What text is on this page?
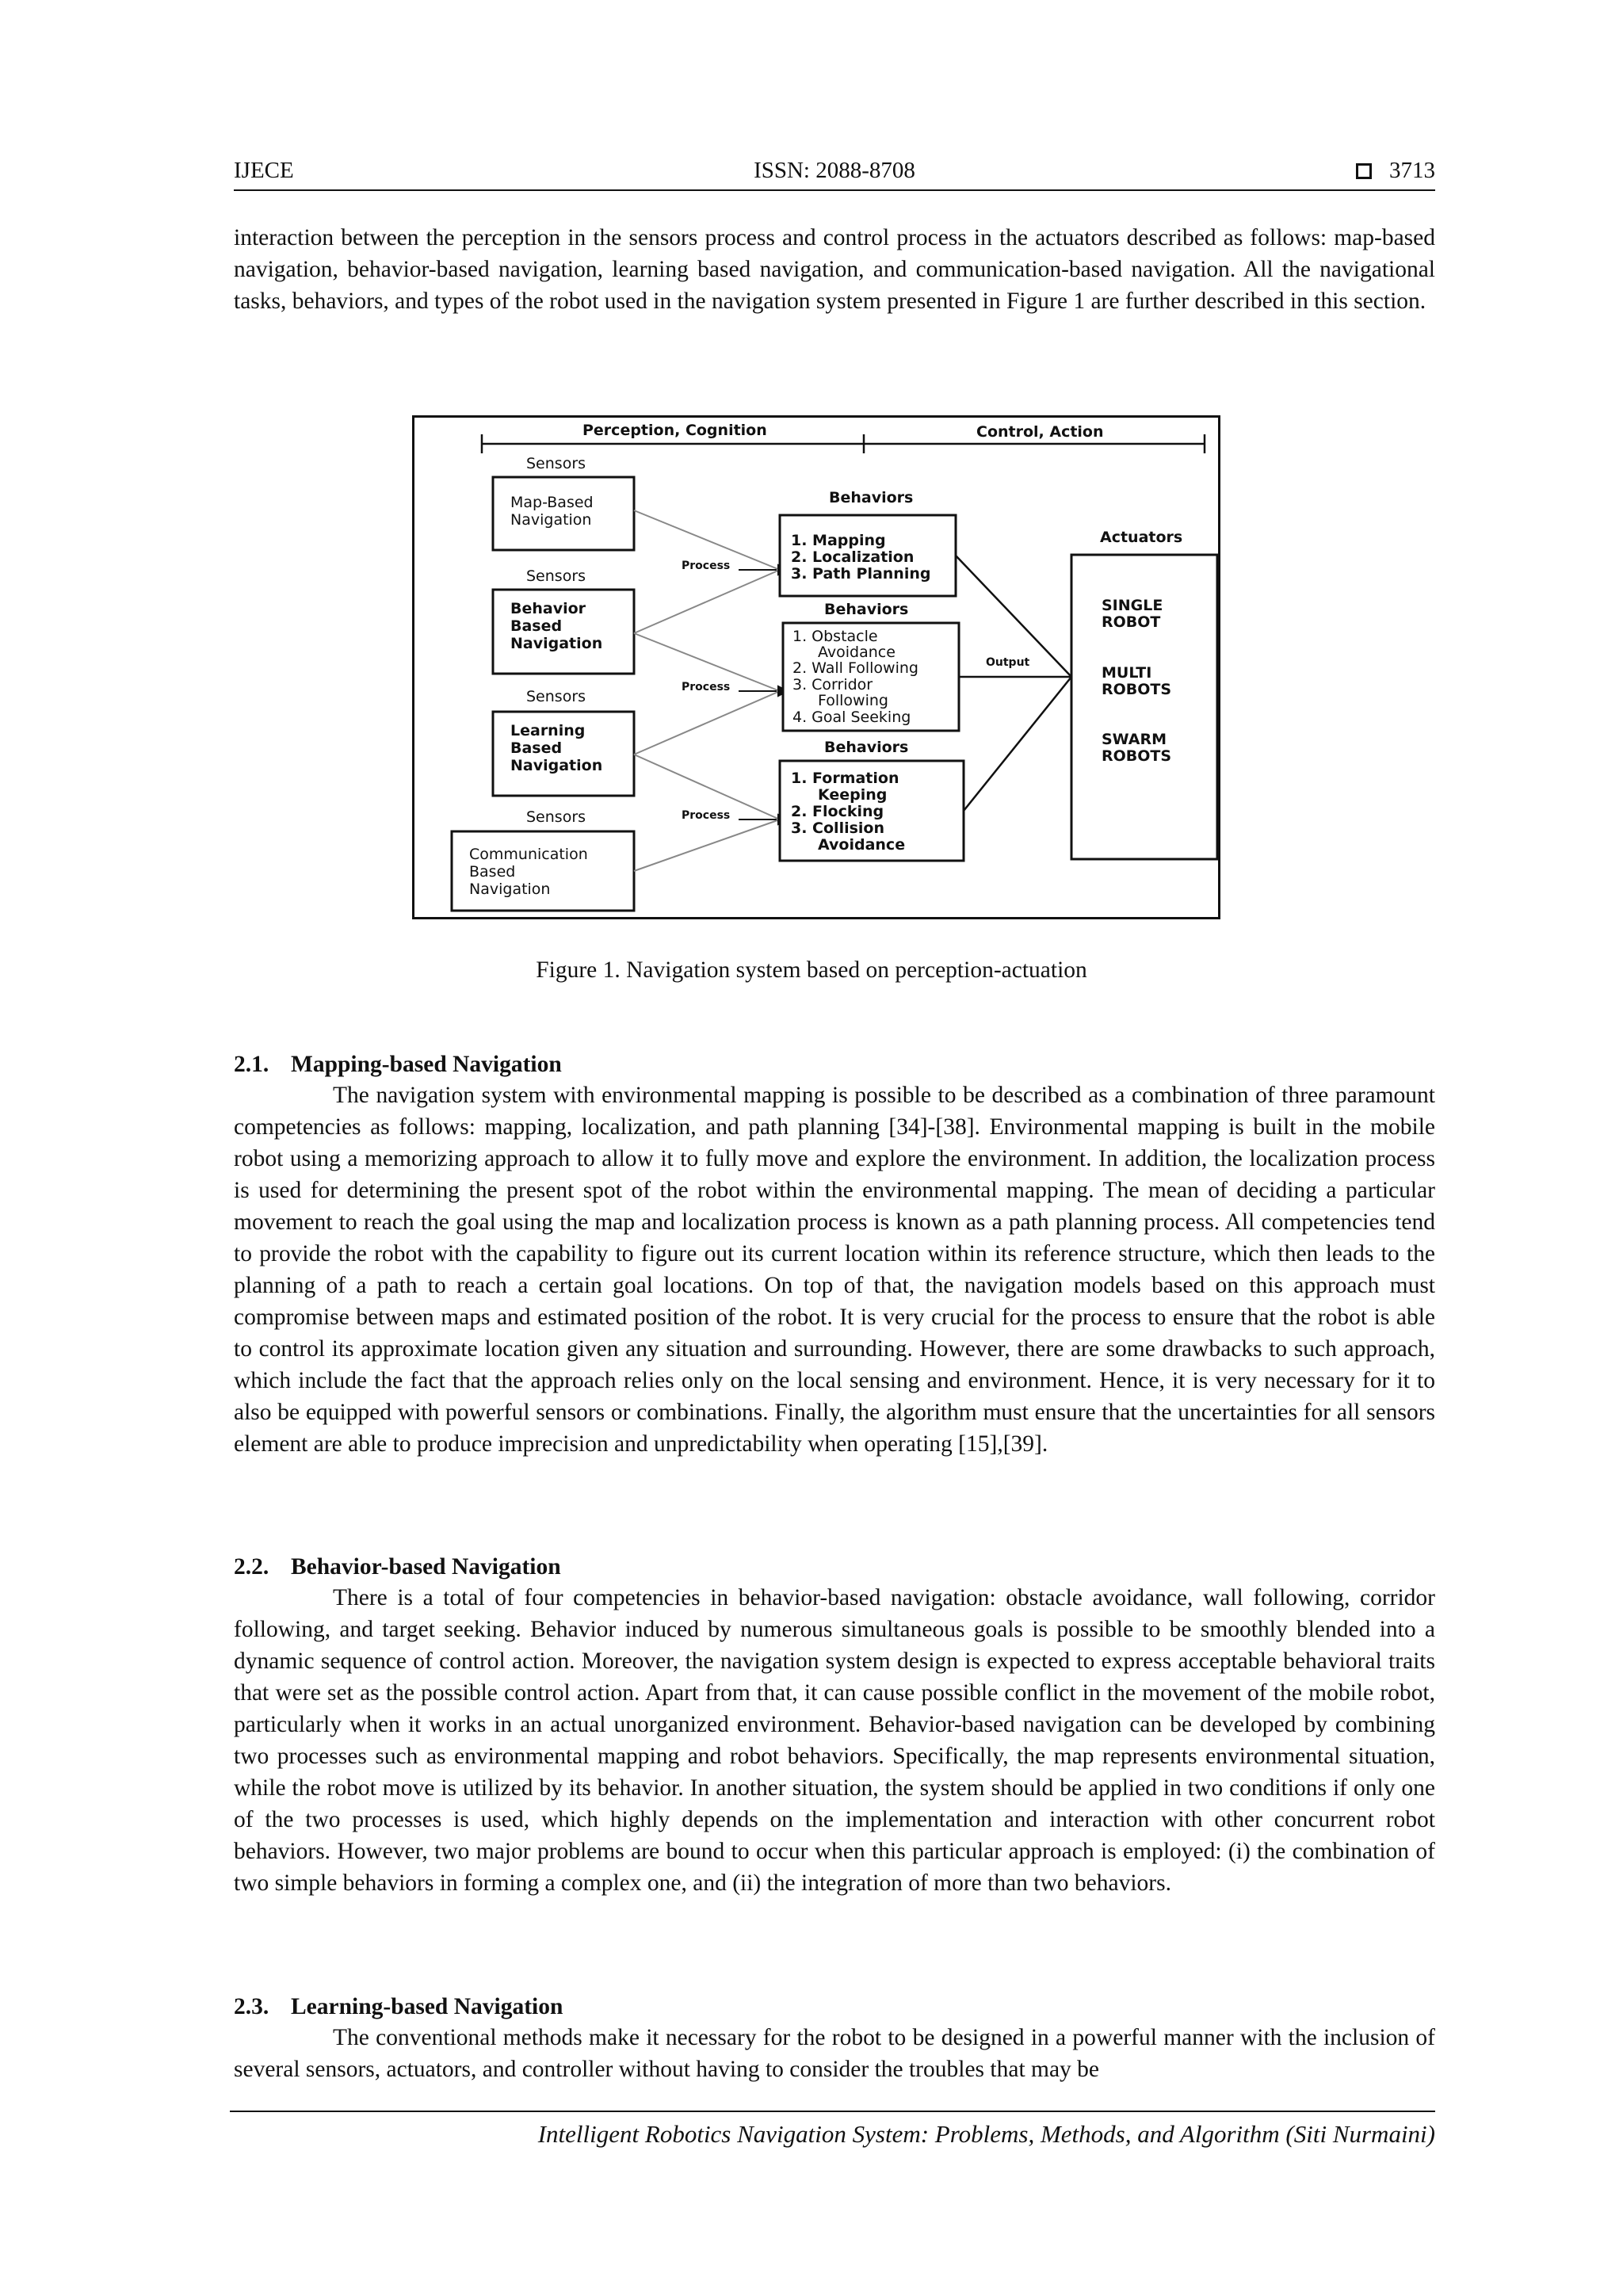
IJECE	ISSN: 2088-8708	3713

interaction between the perception in the sensors process and control process in the actuators described as follows: map-based navigation, behavior-based navigation, learning based navigation, and communication-based navigation. All the navigational tasks, behaviors, and types of the robot used in the navigation system presented in Figure 1 are further described in this section.

Perception, Cognition	Control, Action
Sensors
Sensors
Sensors
Sensors
Map-Based Navigation
Behavior Based Navigation
Learning Based Navigation
Communication Based Navigation
Process
Process
Process
Behaviors
Behaviors
Behaviors
1. Mapping 2. Localization 3. Path Planning
1. Obstacle Avoidance 2. Wall Following 3. Corridor Following 4. Goal Seeking
1. Formation Keeping 2. Flocking 3. Collision Avoidance
Output
Actuators
SINGLE ROBOT
MULTI ROBOTS
SWARM ROBOTS
Figure 1. Navigation system based on perception-actuation
2.1. Mapping-based Navigation

The navigation system with environmental mapping is possible to be described as a combination of three paramount competencies as follows: mapping, localization, and path planning [34]-[38]. Environmental mapping is built in the mobile robot using a memorizing approach to allow it to fully move and explore the environment. In addition, the localization process is used for determining the present spot of the robot within the environmental mapping. The mean of deciding a particular movement to reach the goal using the map and localization process is known as a path planning process. All competencies tend to provide the robot with the capability to figure out its current location within its reference structure, which then leads to the planning of a path to reach a certain goal locations. On top of that, the navigation models based on this approach must compromise between maps and estimated position of the robot. It is very crucial for the process to ensure that the robot is able to control its approximate location given any situation and surrounding. However, there are some drawbacks to such approach, which include the fact that the approach relies only on the local sensing and environment. Hence, it is very necessary for it to also be equipped with powerful sensors or combinations. Finally, the algorithm must ensure that the uncertainties for all sensors element are able to produce imprecision and unpredictability when operating [15],[39].

2.2. Behavior-based Navigation

There is a total of four competencies in behavior-based navigation: obstacle avoidance, wall following, corridor following, and target seeking. Behavior induced by numerous simultaneous goals is possible to be smoothly blended into a dynamic sequence of control action. Moreover, the navigation system design is expected to express acceptable behavioral traits that were set as the possible control action. Apart from that, it can cause possible conflict in the movement of the mobile robot, particularly when it works in an actual unorganized environment. Behavior-based navigation can be developed by combining two processes such as environmental mapping and robot behaviors. Specifically, the map represents environmental situation, while the robot move is utilized by its behavior. In another situation, the system should be applied in two conditions if only one of the two processes is used, which highly depends on the implementation and interaction with other concurrent robot behaviors. However, two major problems are bound to occur when this particular approach is employed: (i) the combination of two simple behaviors in forming a complex one, and (ii) the integration of more than two behaviors.

2.3. Learning-based Navigation

The conventional methods make it necessary for the robot to be designed in a powerful manner with the inclusion of several sensors, actuators, and controller without having to consider the troubles that may be

Intelligent Robotics Navigation System: Problems, Methods, and Algorithm (Siti Nurmaini)
